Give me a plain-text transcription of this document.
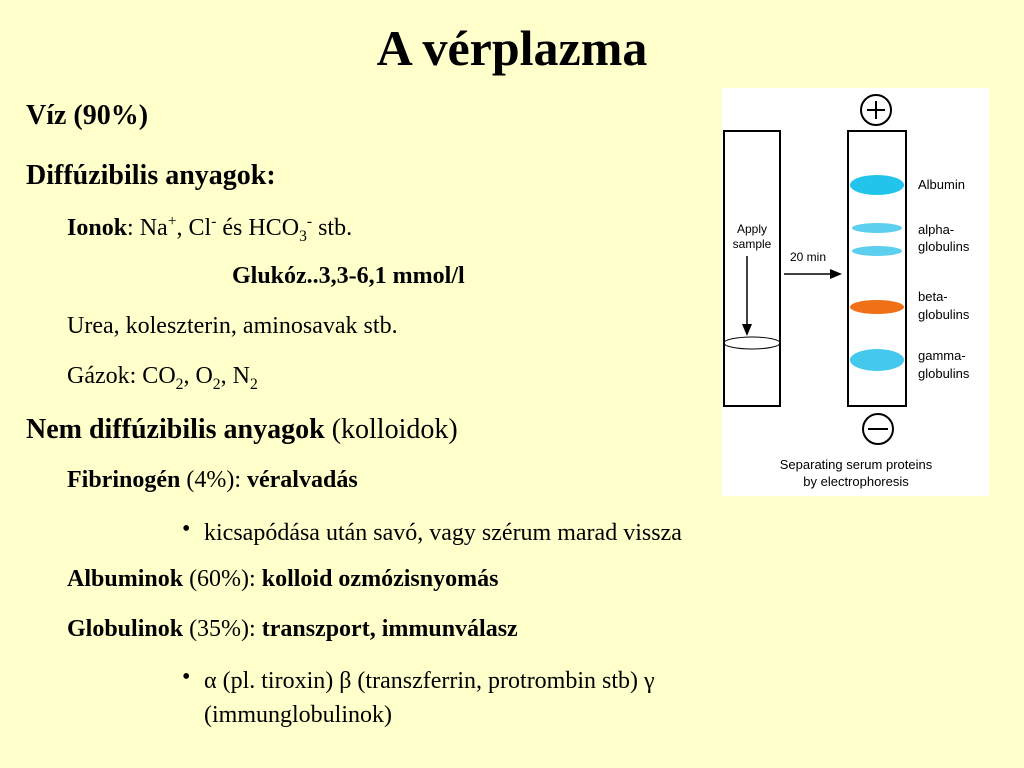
A vérplazma
Víz (90%)
Diffúzibilis anyagok:
Ionok: Na+, Cl- és $HCO_3^-$ stb.
Glukóz..3,3-6,1 mmol/l
Urea, koleszterin, aminosavak stb.
Gázok: $CO_2$, $O_2$, $N_2$
Nem diffúzibilis anyagok (kolloidok)
Fibrinogén (4%): véralvadás
• kicsapódása után savó, vagy szérum marad vissza
Albuminok (60%): kolloid ozmózisnyomás
Globulinok (35%): transzport, immunválasz
• α (pl. tiroxin) β (transzferrin, protrombin stb) γ
(immunglobulinok)
Apply
sample
20 min
Albumin
alpha-
globulins
beta-
globulins
gamma-
globulins
Separating serum proteins
by electrophoresis
